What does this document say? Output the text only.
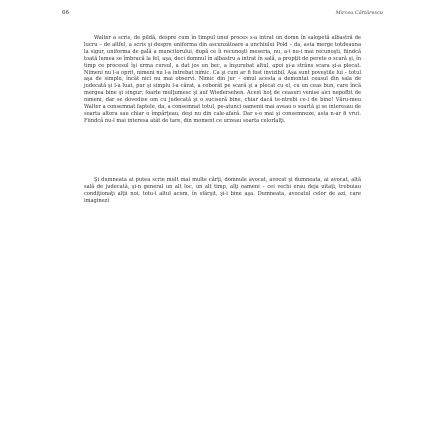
66	Mircea Cărtărescu

Walter a scris, de pildă, despre cum în timpul unui proces s-a intrat un domn în salopetă albastră de lucru – de altfel, a scris şi despre uniforma din ascunzătoare a unchiului Pold – da, asta merge totdeauna la sigur, uniforma de gală a muncitorului, după ce îi recunoşti meseria, nu, a-i nu-i mai recunoşti, fiindcă toată lumea se îmbracă la fel, aşa, deci domnul în albastru a intrat în sală, a propţit de perete o scară şi, în timp ce procesul îşi urma cursul, a dat jos un bec, a înşurubat altul, apoi şi-a strâns scara şi-a plecat. Nimeni nu l-a oprit, nimeni nu l-a întrebat nimic. Ca şi cum ar fi fost invizibil. Aşa sunt poveştile lui – totul aşa de simplu, încât nici nu mai observi. Nimic din jur – omul acesta a demontat ceasul din sala de judecată şi l-a luat, pur şi simplu l-a cărat, a coborât pe scară şi a plecat cu el, cu un ceas bun, care încă mergea bine şi singur; foarte mulţumesc şi auf Wiedersehen. Acest hoţ de ceasuri venise aici nepoftit de nimeni, dar se dovedise om cu judecată şi o suciseră bine, chiar dacă te-ntrebi ce-i de bine! Văru-meu Walter a consemnat faptele, da, a consemnat totul, pe-atunci oamenii mai aveau o soartă şi se interesau de soarta altora sau chiar o împărţeau, deşi nu din cale-afară. Dar s-o mai şi consemneze, asta n-ar fi vrut. Fiindcă nu-l mai interesa atât de tare, din moment ce urzeau soarta celorlalţi.

Şi dumneata ai putea scrie mult mai multe cărţi, domnule avocat, avocat şi dumneata, ai avocat, altă sală de judecată, şi-n general un alt loc, un alt timp, alţi oameni – cei vechi erau deja uitaţi, trebuiau condiţionaţi alţii noi, totu-i altul acum, în sfârşit, şi-i bine aşa. Dumneata, avocatul celor de azi, care imaginezi
